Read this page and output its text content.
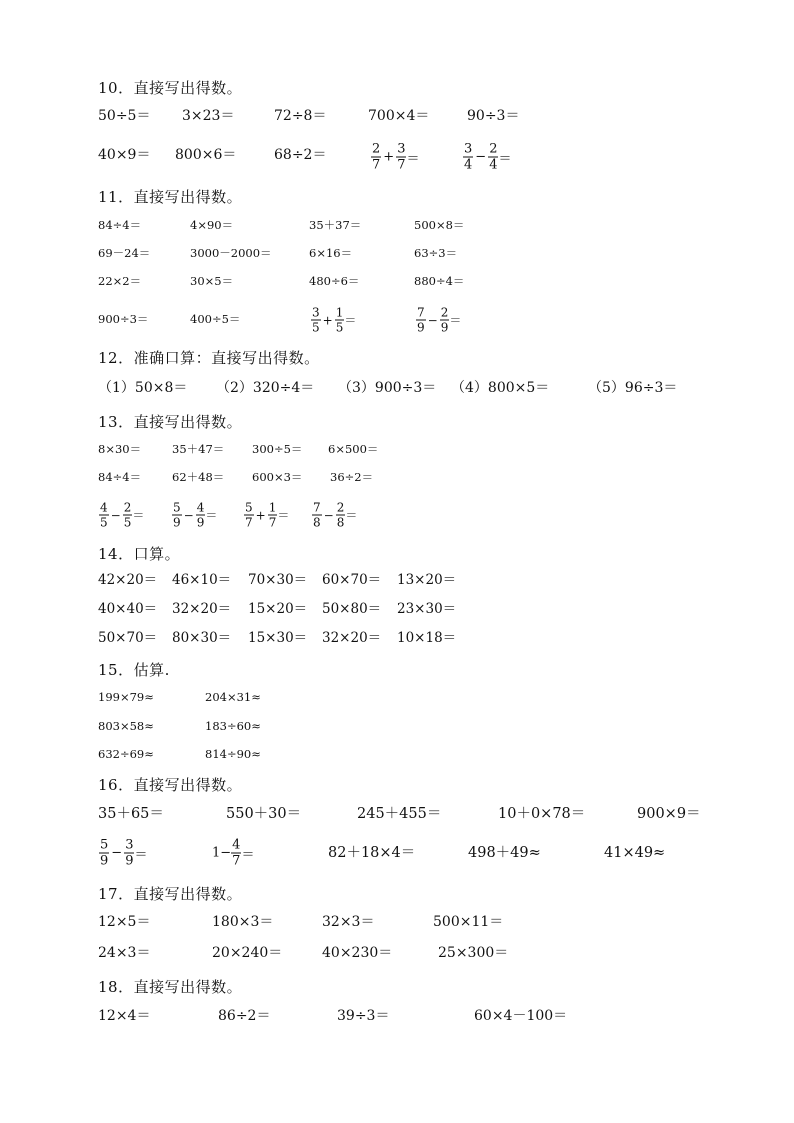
10．直接写出得数。
50÷5＝ 3×23＝	72÷8＝	700×4＝	90÷3＝
40×9＝ 800×6＝	68÷2＝	$\frac{2}{7} + \frac{3}{7}$ ＝	$\frac{3}{4} - \frac{2}{4}$ ＝
11．直接写出得数。
84÷4＝	4×90＝	35＋37＝	500×8＝
69－24＝	3000－2000＝	6×16＝	63÷3＝
22×2＝	30×5＝	480÷6＝	880÷4＝
900÷3＝	400÷5＝	$\frac{3}{5} + \frac{1}{5}$ ＝	$\frac{7}{9} - \frac{2}{9}$ ＝
12．准确口算：直接写出得数。
（1）50×8＝ （2）320÷4＝ （3）900÷3＝ （4）800×5＝	（5）96÷3＝
13．直接写出得数。
8×30＝	35＋47＝ 300÷5＝ 6×500＝
84÷4＝	62＋48＝ 600×3＝ 36÷2＝
$\frac{4}{5} - \frac{2}{5} = \frac{5}{9} - \frac{4}{9} = \frac{5}{7} + \frac{1}{7} = \frac{7}{8} - \frac{2}{8}$ ＝
14．口算。
42×20＝ 46×10＝ 70×30＝ 60×70＝ 13×20＝
40×40＝ 32×20＝ 15×20＝ 50×80＝ 23×30＝
50×70＝ 80×30＝ 15×30＝ 32×20＝ 10×18＝
15．估算.
199×79≈	204×31≈
803×58≈	183÷60≈
632÷69≈	814÷90≈
16．直接写出得数。
35＋65＝	550＋30＝	245＋455＝	10＋0×78＝	900×9＝
$\frac{5}{9} - \frac{3}{9}$ ＝	$1- \frac{4}{7}$ ＝	82＋18×4＝	498＋49≈	41×49≈
17．直接写出得数。
12×5＝	180×3＝	32×3＝	500×11＝
24×3＝	20×240＝	40×230＝	25×300＝
18．直接写出得数。
12×4＝	86÷2＝	39÷3＝	60×4－100＝
